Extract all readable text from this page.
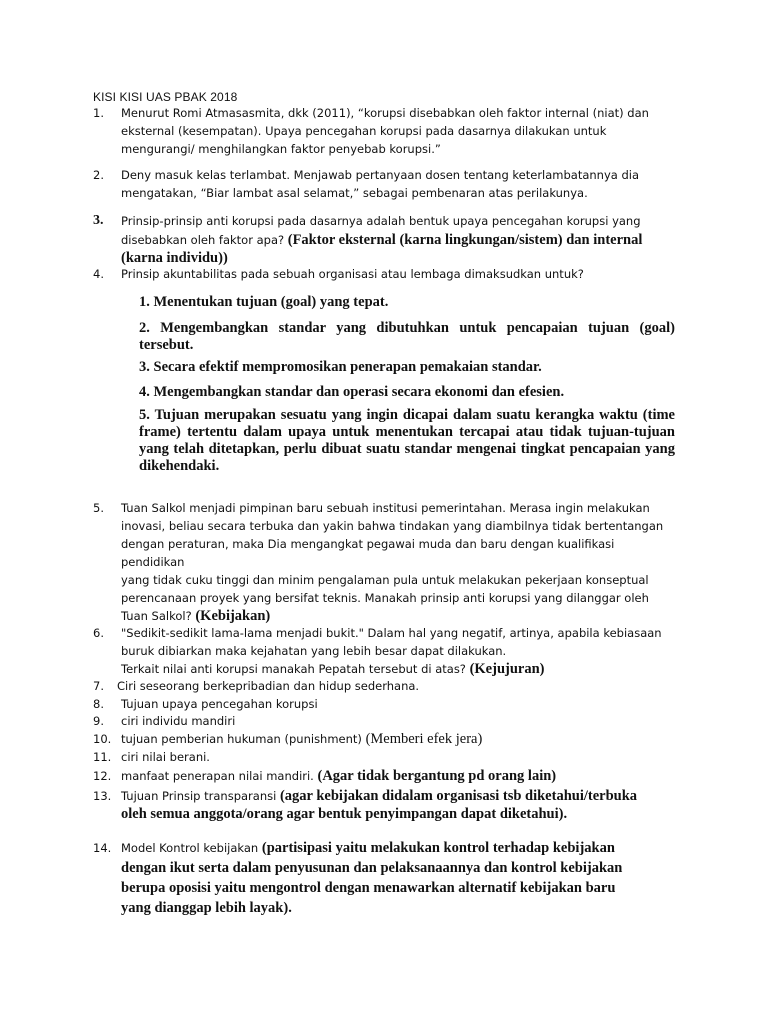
KISI KISI UAS PBAK 2018
1.	Menurut Romi Atmasasmita, dkk (2011), “korupsi disebabkan oleh faktor internal (niat) dan
eksternal (kesempatan). Upaya pencegahan korupsi pada dasarnya dilakukan untuk
mengurangi/ menghilangkan faktor penyebab korupsi.”
2.	Deny masuk kelas terlambat. Menjawab pertanyaan dosen tentang keterlambatannya dia
mengatakan, “Biar lambat asal selamat,” sebagai pembenaran atas perilakunya.
3.	Prinsip-prinsip anti korupsi pada dasarnya adalah bentuk upaya pencegahan korupsi yang
disebabkan oleh faktor apa? (Faktor eksternal (karna lingkungan/sistem) dan internal
(karna individu))
4.	Prinsip akuntabilitas pada sebuah organisasi atau lembaga dimaksudkan untuk?
1. Menentukan tujuan (goal) yang tepat.
2. Mengembangkan standar yang dibutuhkan untuk pencapaian tujuan (goal) tersebut.
3. Secara efektif mempromosikan penerapan pemakaian standar.
4. Mengembangkan standar dan operasi secara ekonomi dan efesien.
5. Tujuan merupakan sesuatu yang ingin dicapai dalam suatu kerangka waktu (time frame) tertentu dalam upaya untuk menentukan tercapai atau tidak tujuan-tujuan yang telah ditetapkan, perlu dibuat suatu standar mengenai tingkat pencapaian yang dikehendaki.
5.	Tuan Salkol menjadi pimpinan baru sebuah institusi pemerintahan. Merasa ingin melakukan
inovasi, beliau secara terbuka dan yakin bahwa tindakan yang diambilnya tidak bertentangan
dengan peraturan, maka Dia mengangkat pegawai muda dan baru dengan kualifikasi pendidikan
yang tidak cuku tinggi dan minim pengalaman pula untuk melakukan pekerjaan konseptual
perencanaan proyek yang bersifat teknis. Manakah prinsip anti korupsi yang dilanggar oleh
Tuan Salkol? (Kebijakan)
6.	"Sedikit-sedikit lama-lama menjadi bukit." Dalam hal yang negatif, artinya, apabila kebiasaan
buruk dibiarkan maka kejahatan yang lebih besar dapat dilakukan.
Terkait nilai anti korupsi manakah Pepatah tersebut di atas? (Kejujuran)
7.	Ciri seseorang berkepribadian dan hidup sederhana.
8.	Tujuan upaya pencegahan korupsi
9.	ciri individu mandiri
10. tujuan pemberian hukuman (punishment) (Memberi efek jera)
11. ciri nilai berani.
12. manfaat penerapan nilai mandiri. (Agar tidak bergantung pd orang lain)
13. Tujuan Prinsip transparansi (agar kebijakan didalam organisasi tsb diketahui/terbuka
oleh semua anggota/orang agar bentuk penyimpangan dapat diketahui).
14. Model Kontrol kebijakan (partisipasi yaitu melakukan kontrol terhadap kebijakan
dengan ikut serta dalam penyusunan dan pelaksanaannya dan kontrol kebijakan
berupa oposisi yaitu mengontrol dengan menawarkan alternatif kebijakan baru
yang dianggap lebih layak).
